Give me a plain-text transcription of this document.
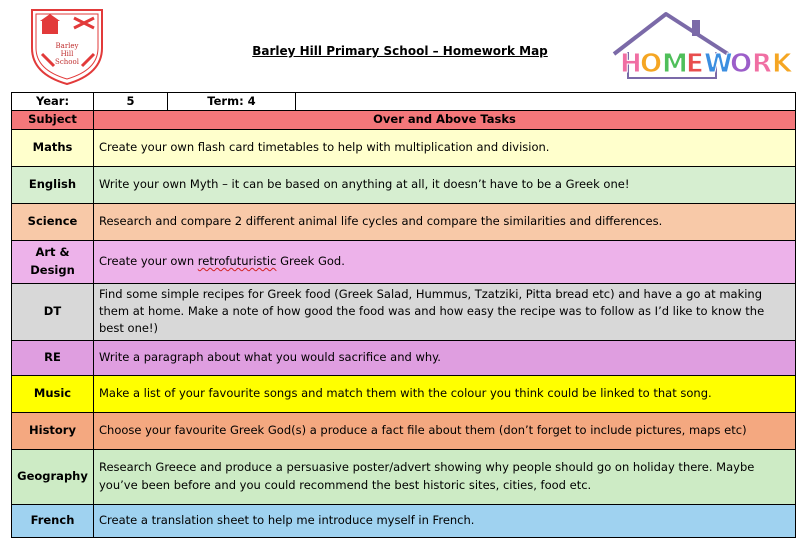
Barley
Hill
School
Barley Hill Primary School – Homework Map	H
O M
E W
O R K
Year:	5	Term: 4	
Subject	Over and Above Tasks		
Maths	Create your own flash card timetables to help with multiplication and division.		
English	Write your own Myth – it can be based on anything at all, it doesn’t have to be a Greek one!		
Science	Research and compare 2 different animal life cycles and compare the similarities and differences.		
Art & Design	Create your own retrofuturistic Greek God.		
DT	Find some simple recipes for Greek food (Greek Salad, Hummus, Tzatziki, Pitta bread etc) and have a go at making them at home. Make a note of how good the food was and how easy the recipe was to follow as I’d like to know the best one!)		
RE	Write a paragraph about what you would sacrifice and why.		
Music	Make a list of your favourite songs and match them with the colour you think could be linked to that song.		
History	Choose your favourite Greek God(s) a produce a fact file about them (don’t forget to include pictures, maps etc)		
Geography	Research Greece and produce a persuasive poster/advert showing why people should go on holiday there. Maybe you’ve been before and you could recommend the best historic sites, cities, food etc.		
French	Create a translation sheet to help me introduce myself in French.		
